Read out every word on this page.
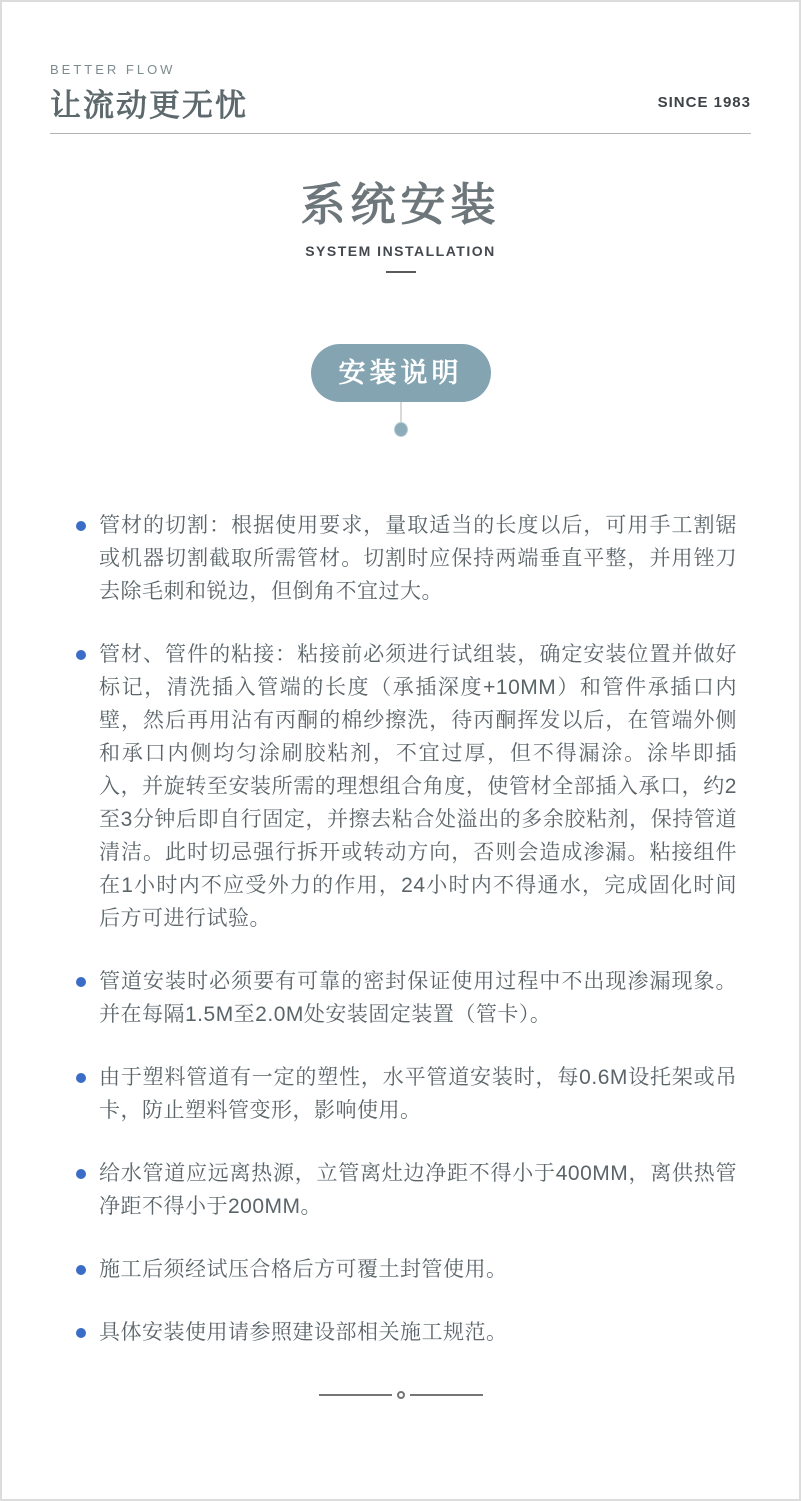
BETTER FLOW
让流动更无忧	SINCE 1983
系统安装
SYSTEM INSTALLATION
安装说明
管材的切割：根据使用要求，量取适当的长度以后，可用手工割锯或机器切割截取所需管材。切割时应保持两端垂直平整，并用锉刀去除毛刺和锐边，但倒角不宜过大。
管材、管件的粘接：粘接前必须进行试组装，确定安装位置并做好标记，清洗插入管端的长度（承插深度+10MM）和管件承插口内壁，然后再用沾有丙酮的棉纱擦洗，待丙酮挥发以后，在管端外侧和承口内侧均匀涂刷胶粘剂，不宜过厚，但不得漏涂。涂毕即插入，并旋转至安装所需的理想组合角度，使管材全部插入承口，约2至3分钟后即自行固定，并擦去粘合处溢出的多余胶粘剂，保持管道清洁。此时切忌强行拆开或转动方向，否则会造成渗漏。粘接组件在1小时内不应受外力的作用，24小时内不得通水，完成固化时间后方可进行试验。
管道安装时必须要有可靠的密封保证使用过程中不出现渗漏现象。并在每隔1.5M至2.0M处安装固定装置（管卡）。
由于塑料管道有一定的塑性，水平管道安装时，每0.6M设托架或吊卡，防止塑料管变形，影响使用。
给水管道应远离热源，立管离灶边净距不得小于400MM，离供热管净距不得小于200MM。
施工后须经试压合格后方可覆土封管使用。
具体安装使用请参照建设部相关施工规范。
